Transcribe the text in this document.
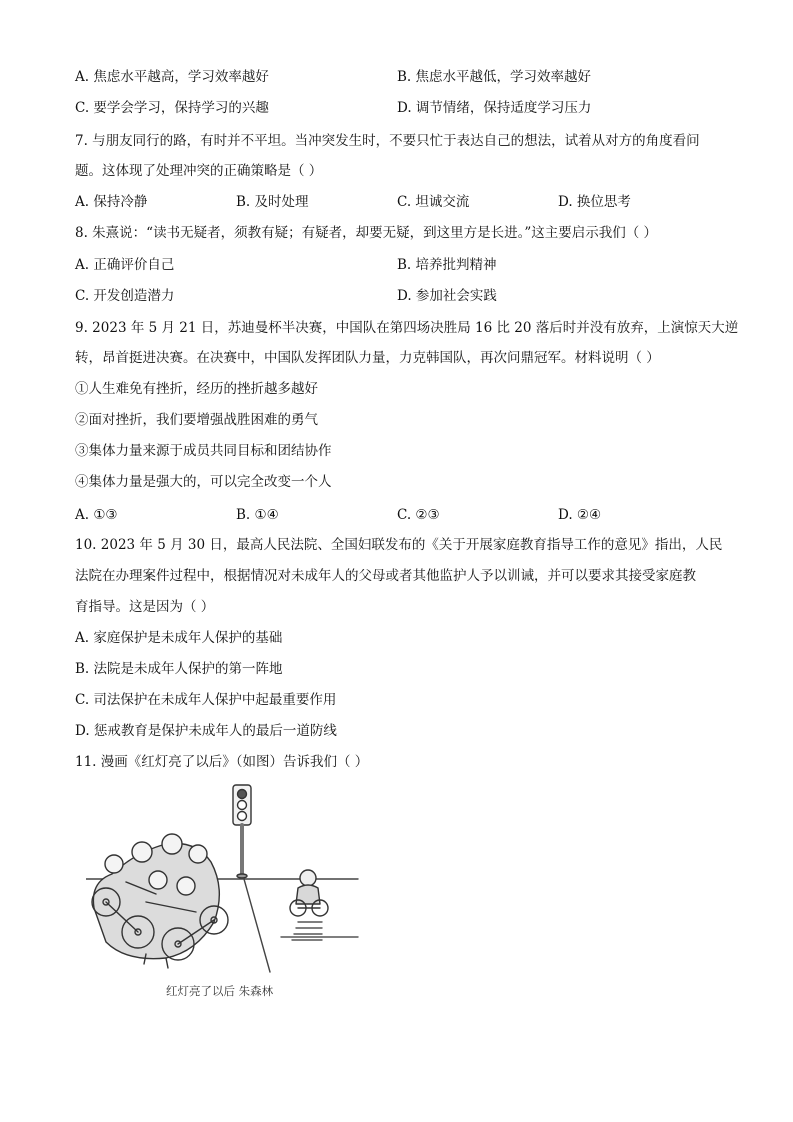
A. 焦虑水平越高，学习效率越好	B. 焦虑水平越低，学习效率越好
C. 要学会学习，保持学习的兴趣	D. 调节情绪，保持适度学习压力
7. 与朋友同行的路，有时并不平坦。当冲突发生时，不要只忙于表达自己的想法，试着从对方的角度看问
题。这体现了处理冲突的正确策略是（ ）
A. 保持冷静	B. 及时处理	C. 坦诚交流	D. 换位思考
8. 朱熹说：“读书无疑者，须教有疑；有疑者，却要无疑，到这里方是长进。”这主要启示我们（ ）
A. 正确评价自己	B. 培养批判精神
C. 开发创造潜力	D. 参加社会实践
9. 2023 年 5 月 21 日，苏迪曼杯半决赛，中国队在第四场决胜局 16 比 20 落后时并没有放弃，上演惊天大逆
转，昂首挺进决赛。在决赛中，中国队发挥团队力量，力克韩国队，再次问鼎冠军。材料说明（ ）
①人生难免有挫折，经历的挫折越多越好
②面对挫折，我们要增强战胜困难的勇气
③集体力量来源于成员共同目标和团结协作
④集体力量是强大的，可以完全改变一个人
A. ①③	B. ①④	C. ②③	D. ②④
10. 2023 年 5 月 30 日，最高人民法院、全国妇联发布的《关于开展家庭教育指导工作的意见》指出，人民
法院在办理案件过程中，根据情况对未成年人的父母或者其他监护人予以训诫，并可以要求其接受家庭教
育指导。这是因为（ ）
A. 家庭保护是未成年人保护的基础
B. 法院是未成年人保护的第一阵地
C. 司法保护在未成年人保护中起最重要作用
D. 惩戒教育是保护未成年人的最后一道防线
11. 漫画《红灯亮了以后》（如图）告诉我们（ ）
红灯亮了以后 朱森林
